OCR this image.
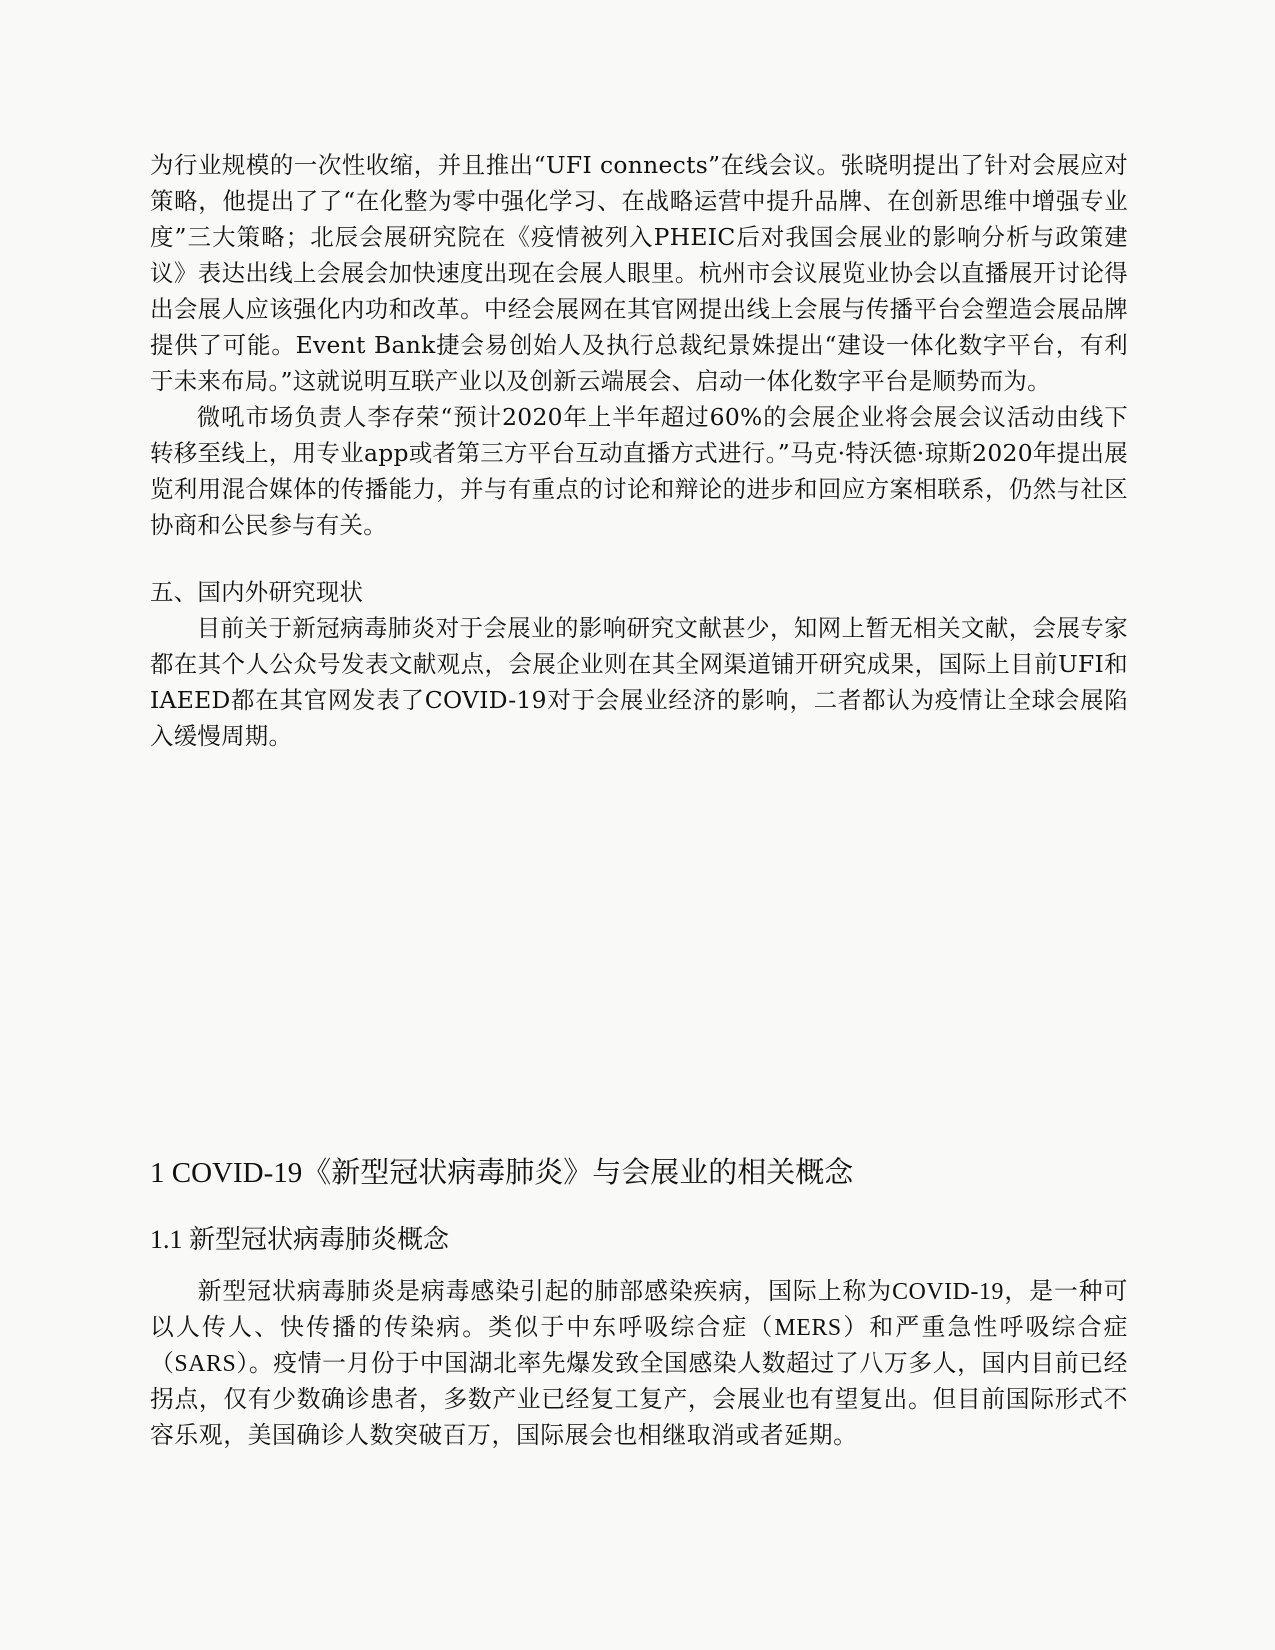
为行业规模的一次性收缩，并且推出“UFI connects”在线会议。张晓明提出了针对会展应对策略，他提出了了“在化整为零中强化学习、在战略运营中提升品牌、在创新思维中增强专业度”三大策略；北辰会展研究院在《疫情被列入PHEIC后对我国会展业的影响分析与政策建议》表达出线上会展会加快速度出现在会展人眼里。杭州市会议展览业协会以直播展开讨论得出会展人应该强化内功和改革。中经会展网在其官网提出线上会展与传播平台会塑造会展品牌提供了可能。Event Bank捷会易创始人及执行总裁纪景姝提出“建设一体化数字平台，有利于未来布局。”这就说明互联产业以及创新云端展会、启动一体化数字平台是顺势而为。

微吼市场负责人李存荣“预计2020年上半年超过60%的会展企业将会展会议活动由线下转移至线上，用专业app或者第三方平台互动直播方式进行。”马克·特沃德·琼斯2020年提出展览利用混合媒体的传播能力，并与有重点的讨论和辩论的进步和回应方案相联系，仍然与社区协商和公民参与有关。

五、国内外研究现状

目前关于新冠病毒肺炎对于会展业的影响研究文献甚少，知网上暂无相关文献，会展专家都在其个人公众号发表文献观点，会展企业则在其全网渠道铺开研究成果，国际上目前UFI和IAEED都在其官网发表了COVID-19对于会展业经济的影响，二者都认为疫情让全球会展陷入缓慢周期。

1 COVID-19《新型冠状病毒肺炎》与会展业的相关概念
1.1 新型冠状病毒肺炎概念

新型冠状病毒肺炎是病毒感染引起的肺部感染疾病，国际上称为COVID-19，是一种可以人传人、快传播的传染病。类似于中东呼吸综合症（MERS）和严重急性呼吸综合症（SARS）。疫情一月份于中国湖北率先爆发致全国感染人数超过了八万多人，国内目前已经拐点，仅有少数确诊患者，多数产业已经复工复产，会展业也有望复出。但目前国际形式不容乐观，美国确诊人数突破百万，国际展会也相继取消或者延期。
